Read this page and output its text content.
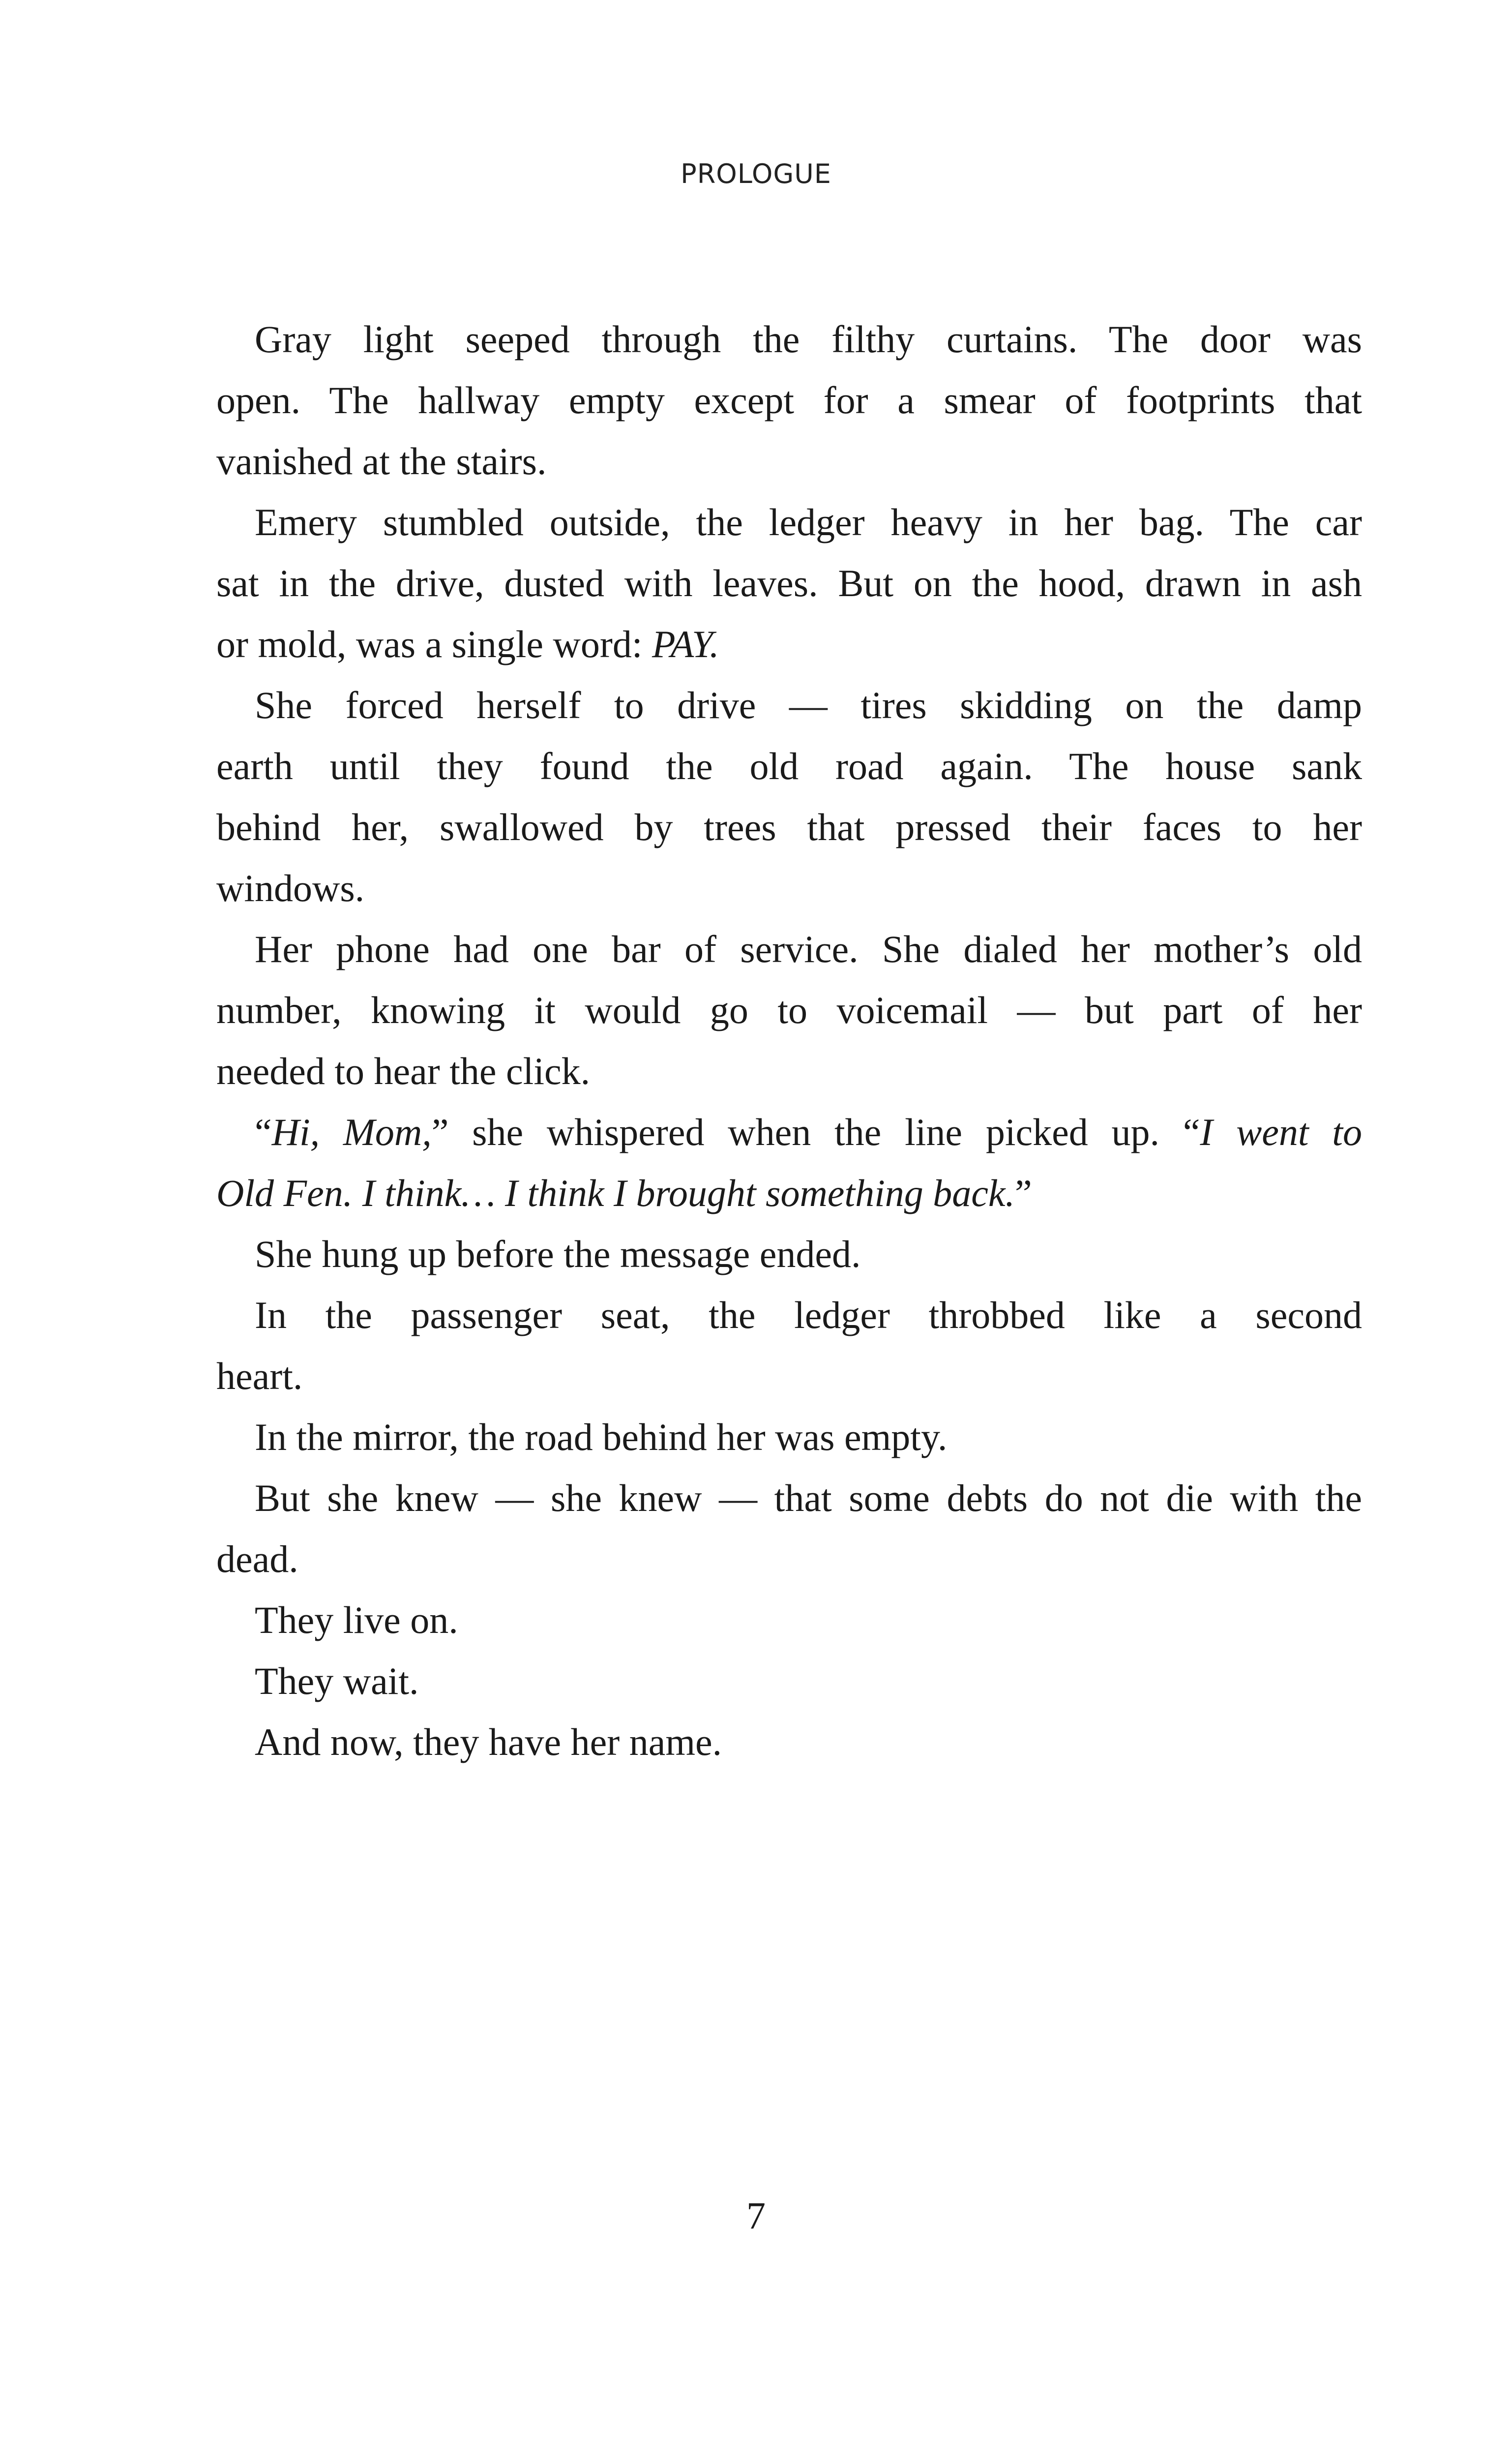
PROLOGUE
Gray light seeped through the filthy curtains. The door was
open. The hallway empty except for a smear of footprints that
vanished at the stairs.
Emery stumbled outside, the ledger heavy in her bag. The car
sat in the drive, dusted with leaves. But on the hood, drawn in ash
or mold, was a single word: PAY.
She forced herself to drive — tires skidding on the damp
earth until they found the old road again. The house sank
behind her, swallowed by trees that pressed their faces to her
windows.
Her phone had one bar of service. She dialed her mother’s old
number, knowing it would go to voicemail — but part of her
needed to hear the click.
“Hi, Mom,” she whispered when the line picked up. “I went to
Old Fen. I think… I think I brought something back.”
She hung up before the message ended.
In the passenger seat, the ledger throbbed like a second
heart.
In the mirror, the road behind her was empty.
But she knew — she knew — that some debts do not die with the
dead.
They live on.
They wait.
And now, they have her name.
7
